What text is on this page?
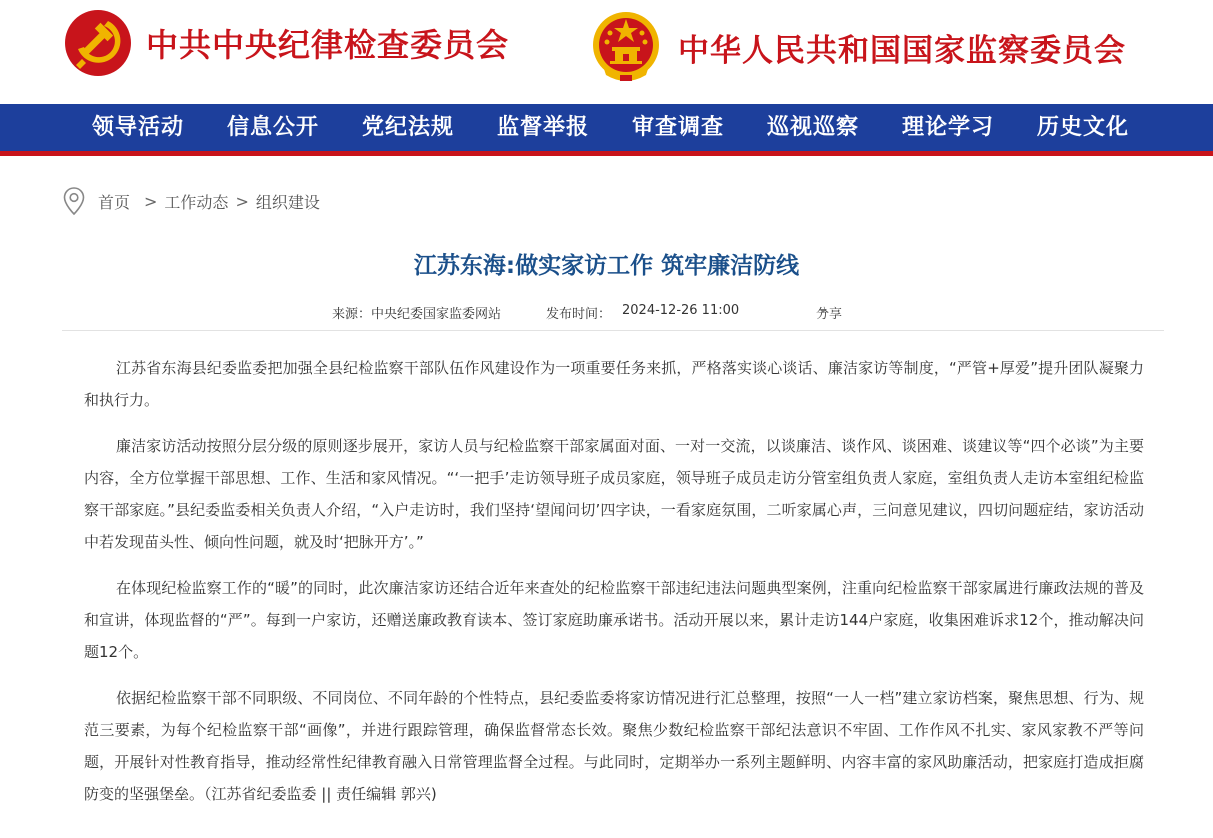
中共中央纪律检查委员会	中华人民共和国国家监察委员会
领导活动	信息公开	党纪法规	监督举报	审查调查	巡视巡察	理论学习	历史文化
首页 > 工作动态 > 组织建设
江苏东海:做实家访工作 筑牢廉洁防线
来源：中央纪委国家监委网站	发布时间： 2024-12-26 11:00	分享

江苏省东海县纪委监委把加强全县纪检监察干部队伍作风建设作为一项重要任务来抓，严格落实谈心谈话、廉洁家访等制度，“严管+厚爱”提升团队凝聚力和执行力。

廉洁家访活动按照分层分级的原则逐步展开，家访人员与纪检监察干部家属面对面、一对一交流，以谈廉洁、谈作风、谈困难、谈建议等“四个必谈”为主要内容，全方位掌握干部思想、工作、生活和家风情况。“‘一把手’走访领导班子成员家庭，领导班子成员走访分管室组负责人家庭，室组负责人走访本室组纪检监察干部家庭。”县纪委监委相关负责人介绍，“入户走访时，我们坚持‘望闻问切’四字诀，一看家庭氛围，二听家属心声，三问意见建议，四切问题症结，家访活动中若发现苗头性、倾向性问题，就及时‘把脉开方’。”

在体现纪检监察工作的“暖”的同时，此次廉洁家访还结合近年来查处的纪检监察干部违纪违法问题典型案例，注重向纪检监察干部家属进行廉政法规的普及和宣讲，体现监督的“严”。每到一户家访，还赠送廉政教育读本、签订家庭助廉承诺书。活动开展以来，累计走访144户家庭，收集困难诉求12个，推动解决问题12个。

依据纪检监察干部不同职级、不同岗位、不同年龄的个性特点，县纪委监委将家访情况进行汇总整理，按照“一人一档”建立家访档案，聚焦思想、行为、规范三要素，为每个纪检监察干部“画像”，并进行跟踪管理，确保监督常态长效。聚焦少数纪检监察干部纪法意识不牢固、工作作风不扎实、家风家教不严等问题，开展针对性教育指导，推动经常性纪律教育融入日常管理监督全过程。与此同时，定期举办一系列主题鲜明、内容丰富的家风助廉活动，把家庭打造成拒腐防变的坚强堡垒。（江苏省纪委监委 || 责任编辑 郭兴)
